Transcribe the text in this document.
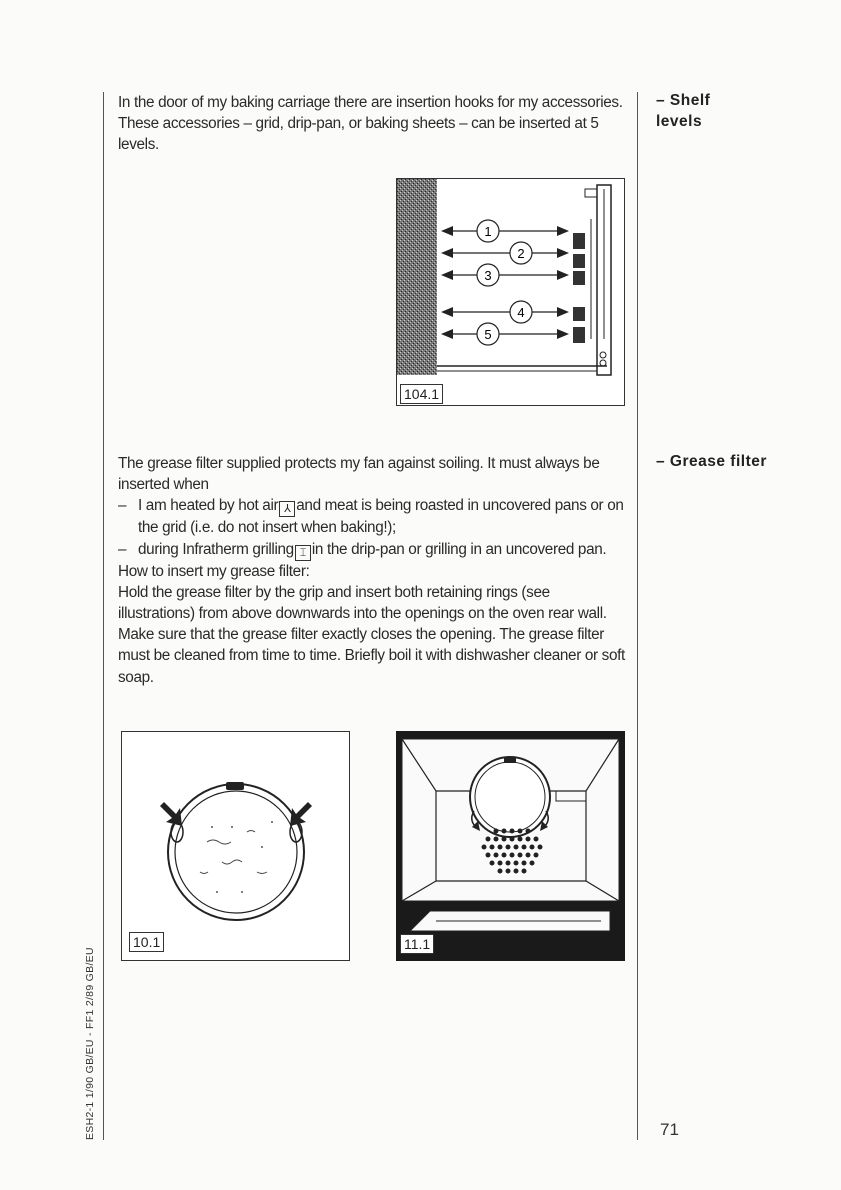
In the door of my baking carriage there are insertion hooks for my accessories. These accessories – grid, drip-pan, or baking sheets – can be inserted at 5 levels.

– Shelf levels
– Grease filter
1
2
3
4
5
104.1

The grease filter supplied protects my fan against soiling. It must always be inserted when

– I am heated by hot air ⅄ and meat is being roasted in uncovered pans or on the grid (i.e. do not insert when baking!);
– during Infratherm grilling ⌶ in the drip-pan or grilling in an uncovered pan.

How to insert my grease filter:

Hold the grease filter by the grip and insert both retaining rings (see illustrations) from above downwards into the openings on the oven rear wall. Make sure that the grease filter exactly closes the opening. The grease filter must be cleaned from time to time. Briefly boil it with dishwasher cleaner or soft soap.

10.1	11.1
ESH2-1 1/90 GB/EU - FF1 2/89 GB/EU	71
